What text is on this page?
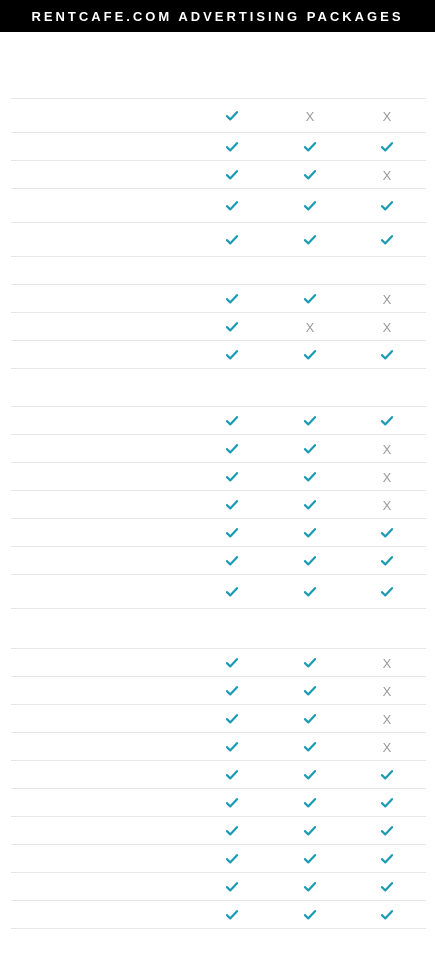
RENTCAFE.COM ADVERTISING PACKAGES
X	X
X
X
X	X
X
X
X
X
X
X
X
